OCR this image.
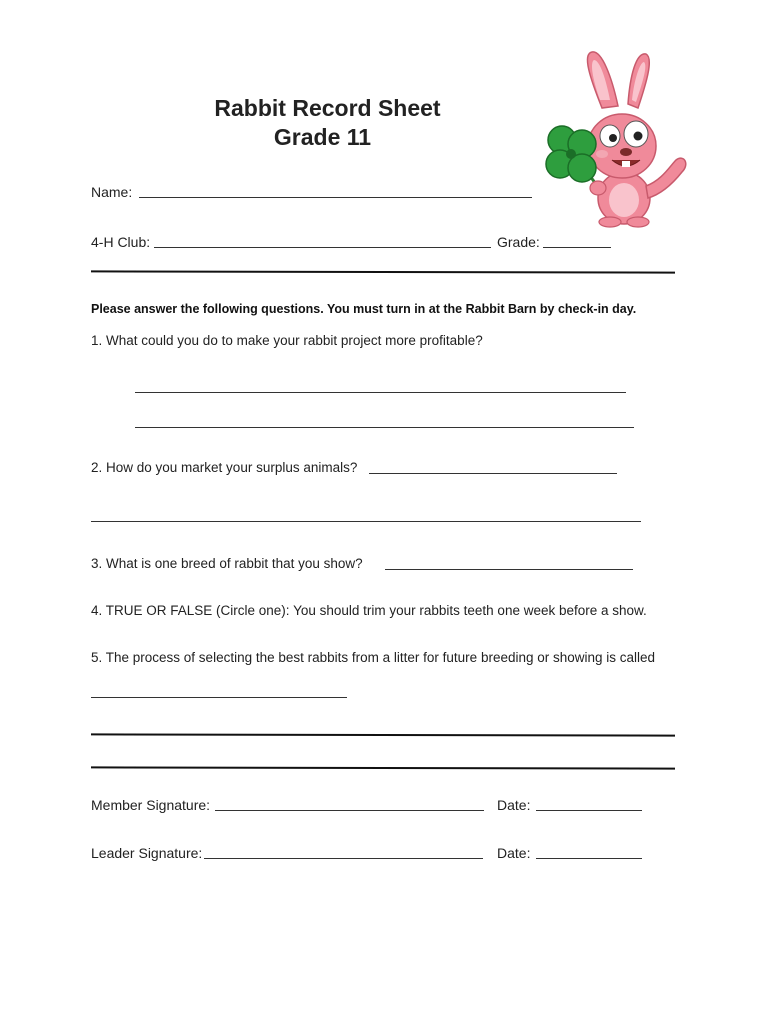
Rabbit Record Sheet
Grade 11
Name:
4-H Club:	Grade:
Please answer the following questions. You must turn in at the Rabbit Barn by check-in day.
1. What could you do to make your rabbit project more profitable?
2. How do you market your surplus animals?
3. What is one breed of rabbit that you show?
4. TRUE OR FALSE (Circle one): You should trim your rabbits teeth one week before a show.
5. The process of selecting the best rabbits from a litter for future breeding or showing is called
Member Signature:	Date:
Leader Signature:	Date:
